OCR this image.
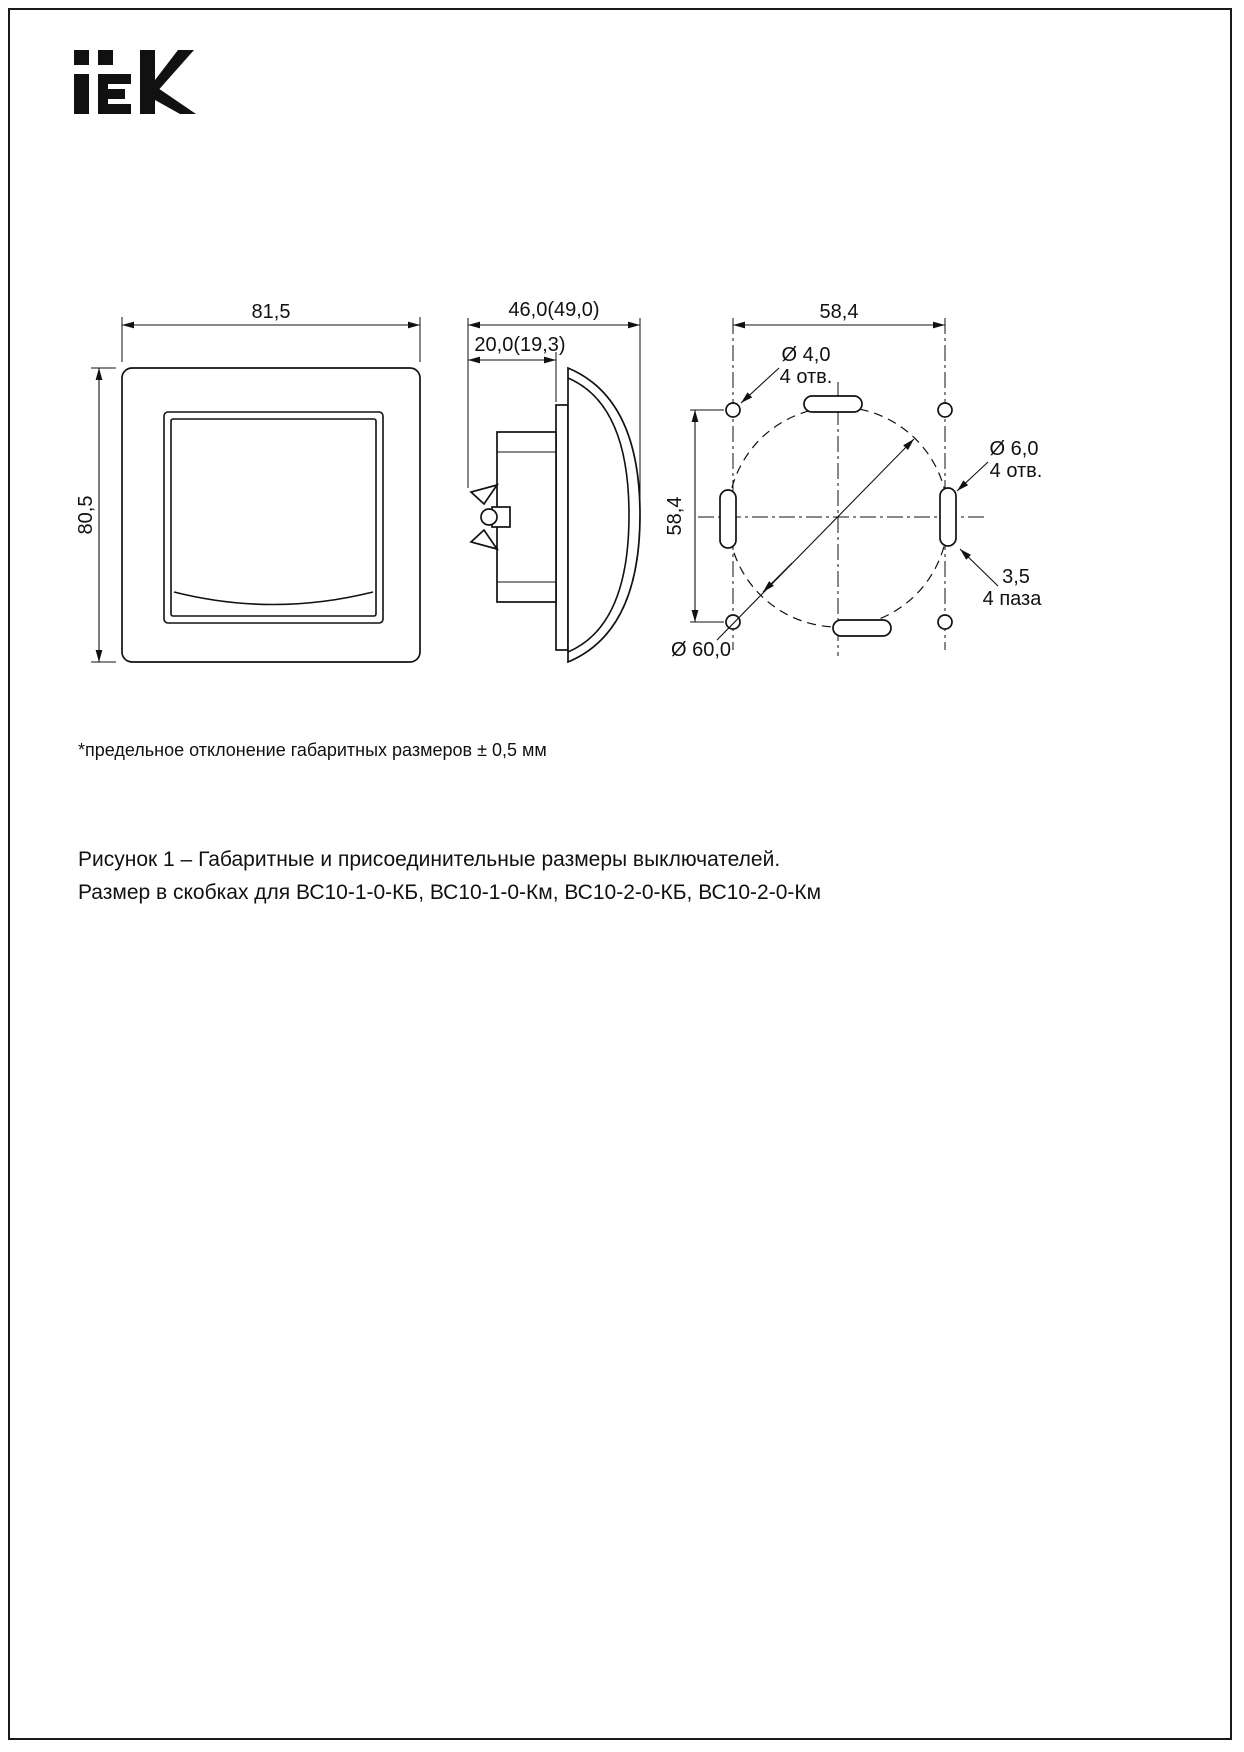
81,5
80,5
46,0(49,0)
20,0(19,3)
58,4
58,4
Ø 4,0
4 отв.
Ø 6,0
4 отв.
3,5
4 паза
Ø 60,0
*предельное отклонение габаритных размеров ± 0,5 мм
Рисунок 1 – Габаритные и присоединительные размеры выключателей.
Размер в скобках для ВС10-1-0-КБ, ВС10-1-0-Км, ВС10-2-0-КБ, ВС10-2-0-Км
